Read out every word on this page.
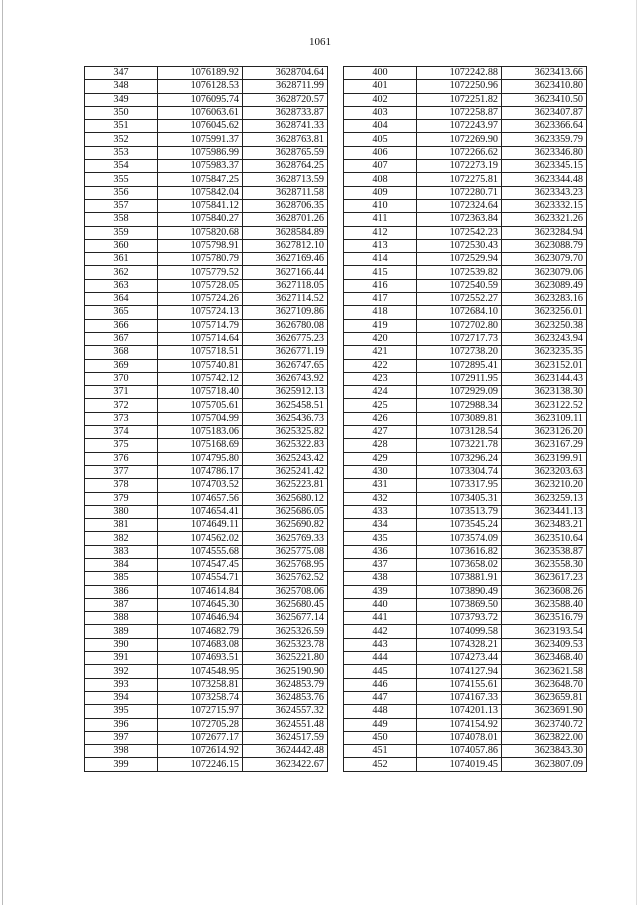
1061
347	1076189.92	3628704.64
348	1076128.53	3628711.99
349	1076095.74	3628720.57
350	1076063.61	3628733.87
351	1076045.62	3628741.33
352	1075991.37	3628763.81
353	1075986.99	3628765.59
354	1075983.37	3628764.25
355	1075847.25	3628713.59
356	1075842.04	3628711.58
357	1075841.12	3628706.35
358	1075840.27	3628701.26
359	1075820.68	3628584.89
360	1075798.91	3627812.10
361	1075780.79	3627169.46
362	1075779.52	3627166.44
363	1075728.05	3627118.05
364	1075724.26	3627114.52
365	1075724.13	3627109.86
366	1075714.79	3626780.08
367	1075714.64	3626775.23
368	1075718.51	3626771.19
369	1075740.81	3626747.65
370	1075742.12	3626743.92
371	1075718.40	3625912.13
372	1075705.61	3625458.51
373	1075704.99	3625436.73
374	1075183.06	3625325.82
375	1075168.69	3625322.83
376	1074795.80	3625243.42
377	1074786.17	3625241.42
378	1074703.52	3625223.81
379	1074657.56	3625680.12
380	1074654.41	3625686.05
381	1074649.11	3625690.82
382	1074562.02	3625769.33
383	1074555.68	3625775.08
384	1074547.45	3625768.95
385	1074554.71	3625762.52
386	1074614.84	3625708.06
387	1074645.30	3625680.45
388	1074646.94	3625677.14
389	1074682.79	3625326.59
390	1074683.08	3625323.78
391	1074693.51	3625221.80
392	1074548.95	3625190.90
393	1073258.81	3624853.79
394	1073258.74	3624853.76
395	1072715.97	3624557.32
396	1072705.28	3624551.48
397	1072677.17	3624517.59
398	1072614.92	3624442.48
399	1072246.15	3623422.67
400	1072242.88	3623413.66
401	1072250.96	3623410.80
402	1072251.82	3623410.50
403	1072258.87	3623407.87
404	1072243.97	3623366.64
405	1072269.90	3623359.79
406	1072266.62	3623346.80
407	1072273.19	3623345.15
408	1072275.81	3623344.48
409	1072280.71	3623343.23
410	1072324.64	3623332.15
411	1072363.84	3623321.26
412	1072542.23	3623284.94
413	1072530.43	3623088.79
414	1072529.94	3623079.70
415	1072539.82	3623079.06
416	1072540.59	3623089.49
417	1072552.27	3623283.16
418	1072684.10	3623256.01
419	1072702.80	3623250.38
420	1072717.73	3623243.94
421	1072738.20	3623235.35
422	1072895.41	3623152.01
423	1072911.95	3623144.43
424	1072929.09	3623138.30
425	1072988.34	3623122.52
426	1073089.81	3623109.11
427	1073128.54	3623126.20
428	1073221.78	3623167.29
429	1073296.24	3623199.91
430	1073304.74	3623203.63
431	1073317.95	3623210.20
432	1073405.31	3623259.13
433	1073513.79	3623441.13
434	1073545.24	3623483.21
435	1073574.09	3623510.64
436	1073616.82	3623538.87
437	1073658.02	3623558.30
438	1073881.91	3623617.23
439	1073890.49	3623608.26
440	1073869.50	3623588.40
441	1073793.72	3623516.79
442	1074099.58	3623193.54
443	1074328.21	3623409.53
444	1074273.44	3623468.40
445	1074127.94	3623621.58
446	1074155.61	3623648.70
447	1074167.33	3623659.81
448	1074201.13	3623691.90
449	1074154.92	3623740.72
450	1074078.01	3623822.00
451	1074057.86	3623843.30
452	1074019.45	3623807.09
